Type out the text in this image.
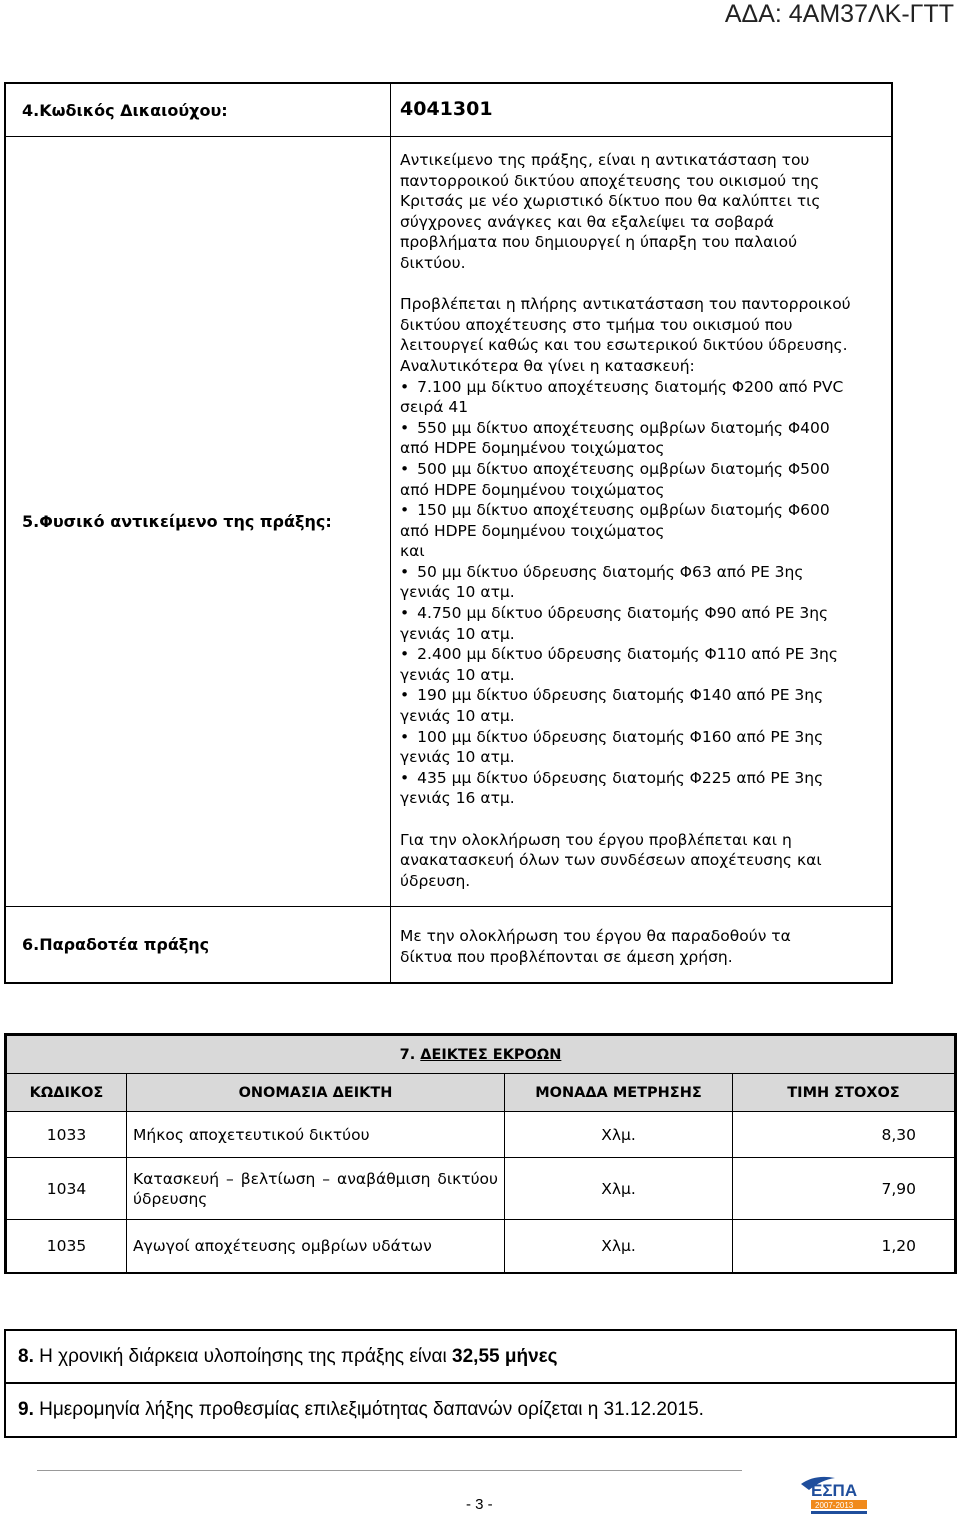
ΑΔΑ: 4ΑΜ37ΛΚ-ΓΤΤ
4.Κωδικός Δικαιούχου:	4041301
5.Φυσικό αντικείμενο της πράξης:

Αντικείμενο της πράξης, είναι η αντικατάσταση του

παντορροικού δικτύου αποχέτευσης του οικισμού της

Κριτσάς με νέο χωριστικό δίκτυο που θα καλύπτει τις

σύγχρονες ανάγκες και θα εξαλείψει τα σοβαρά

προβλήματα που δημιουργεί η ύπαρξη του παλαιού

δικτύου.

Προβλέπεται η πλήρης αντικατάσταση του παντορροικού

δικτύου αποχέτευσης στο τμήμα του οικισμού που

λειτουργεί καθώς και του εσωτερικού δικτύου ύδρευσης.

Αναλυτικότερα θα γίνει η κατασκευή:

• 7.100 μμ δίκτυο αποχέτευσης διατομής Φ200 από PVC

σειρά 41

• 550 μμ δίκτυο αποχέτευσης ομβρίων διατομής Φ400

από HDPE δομημένου τοιχώματος

• 500 μμ δίκτυο αποχέτευσης ομβρίων διατομής Φ500

από HDPE δομημένου τοιχώματος

• 150 μμ δίκτυο αποχέτευσης ομβρίων διατομής Φ600

από HDPE δομημένου τοιχώματος

και

• 50 μμ δίκτυο ύδρευσης διατομής Φ63 από PE 3ης

γενιάς 10 ατμ.

• 4.750 μμ δίκτυο ύδρευσης διατομής Φ90 από PE 3ης

γενιάς 10 ατμ.

• 2.400 μμ δίκτυο ύδρευσης διατομής Φ110 από PE 3ης

γενιάς 10 ατμ.

• 190 μμ δίκτυο ύδρευσης διατομής Φ140 από PE 3ης

γενιάς 10 ατμ.

• 100 μμ δίκτυο ύδρευσης διατομής Φ160 από PE 3ης

γενιάς 10 ατμ.

• 435 μμ δίκτυο ύδρευσης διατομής Φ225 από PE 3ης

γενιάς 16 ατμ.

Για την ολοκλήρωση του έργου προβλέπεται και η

ανακατασκευή όλων των συνδέσεων αποχέτευσης και

ύδρευση.

6.Παραδοτέα πράξης	Με την ολοκλήρωση του έργου θα παραδοθούν τα

δίκτυα που προβλέπονται σε άμεση χρήση.

7. ΔΕΙΚΤΕΣ ΕΚΡΟΩΝ			
ΚΩΔΙΚΟΣ	ΟΝΟΜΑΣΙΑ ΔΕΙΚΤΗ	ΜΟΝΑΔΑ ΜΕΤΡΗΣΗΣ	ΤΙΜΗ ΣΤΟΧΟΣ
1033	Μήκος αποχετευτικού δικτύου	Χλμ.	8,30
1034	Κατασκευή – βελτίωση – αναβάθμιση δικτύου ύδρευσης	Χλμ.	7,90
1035	Αγωγοί αποχέτευσης ομβρίων υδάτων	Χλμ.	1,20
8. Η χρονική διάρκεια υλοποίησης της πράξης είναι 32,55 μήνες
9. Ημερομηνία λήξης προθεσμίας επιλεξιμότητας δαπανών ορίζεται η 31.12.2015.
- 3 -
ΕΣΠΑ
2007-2013
